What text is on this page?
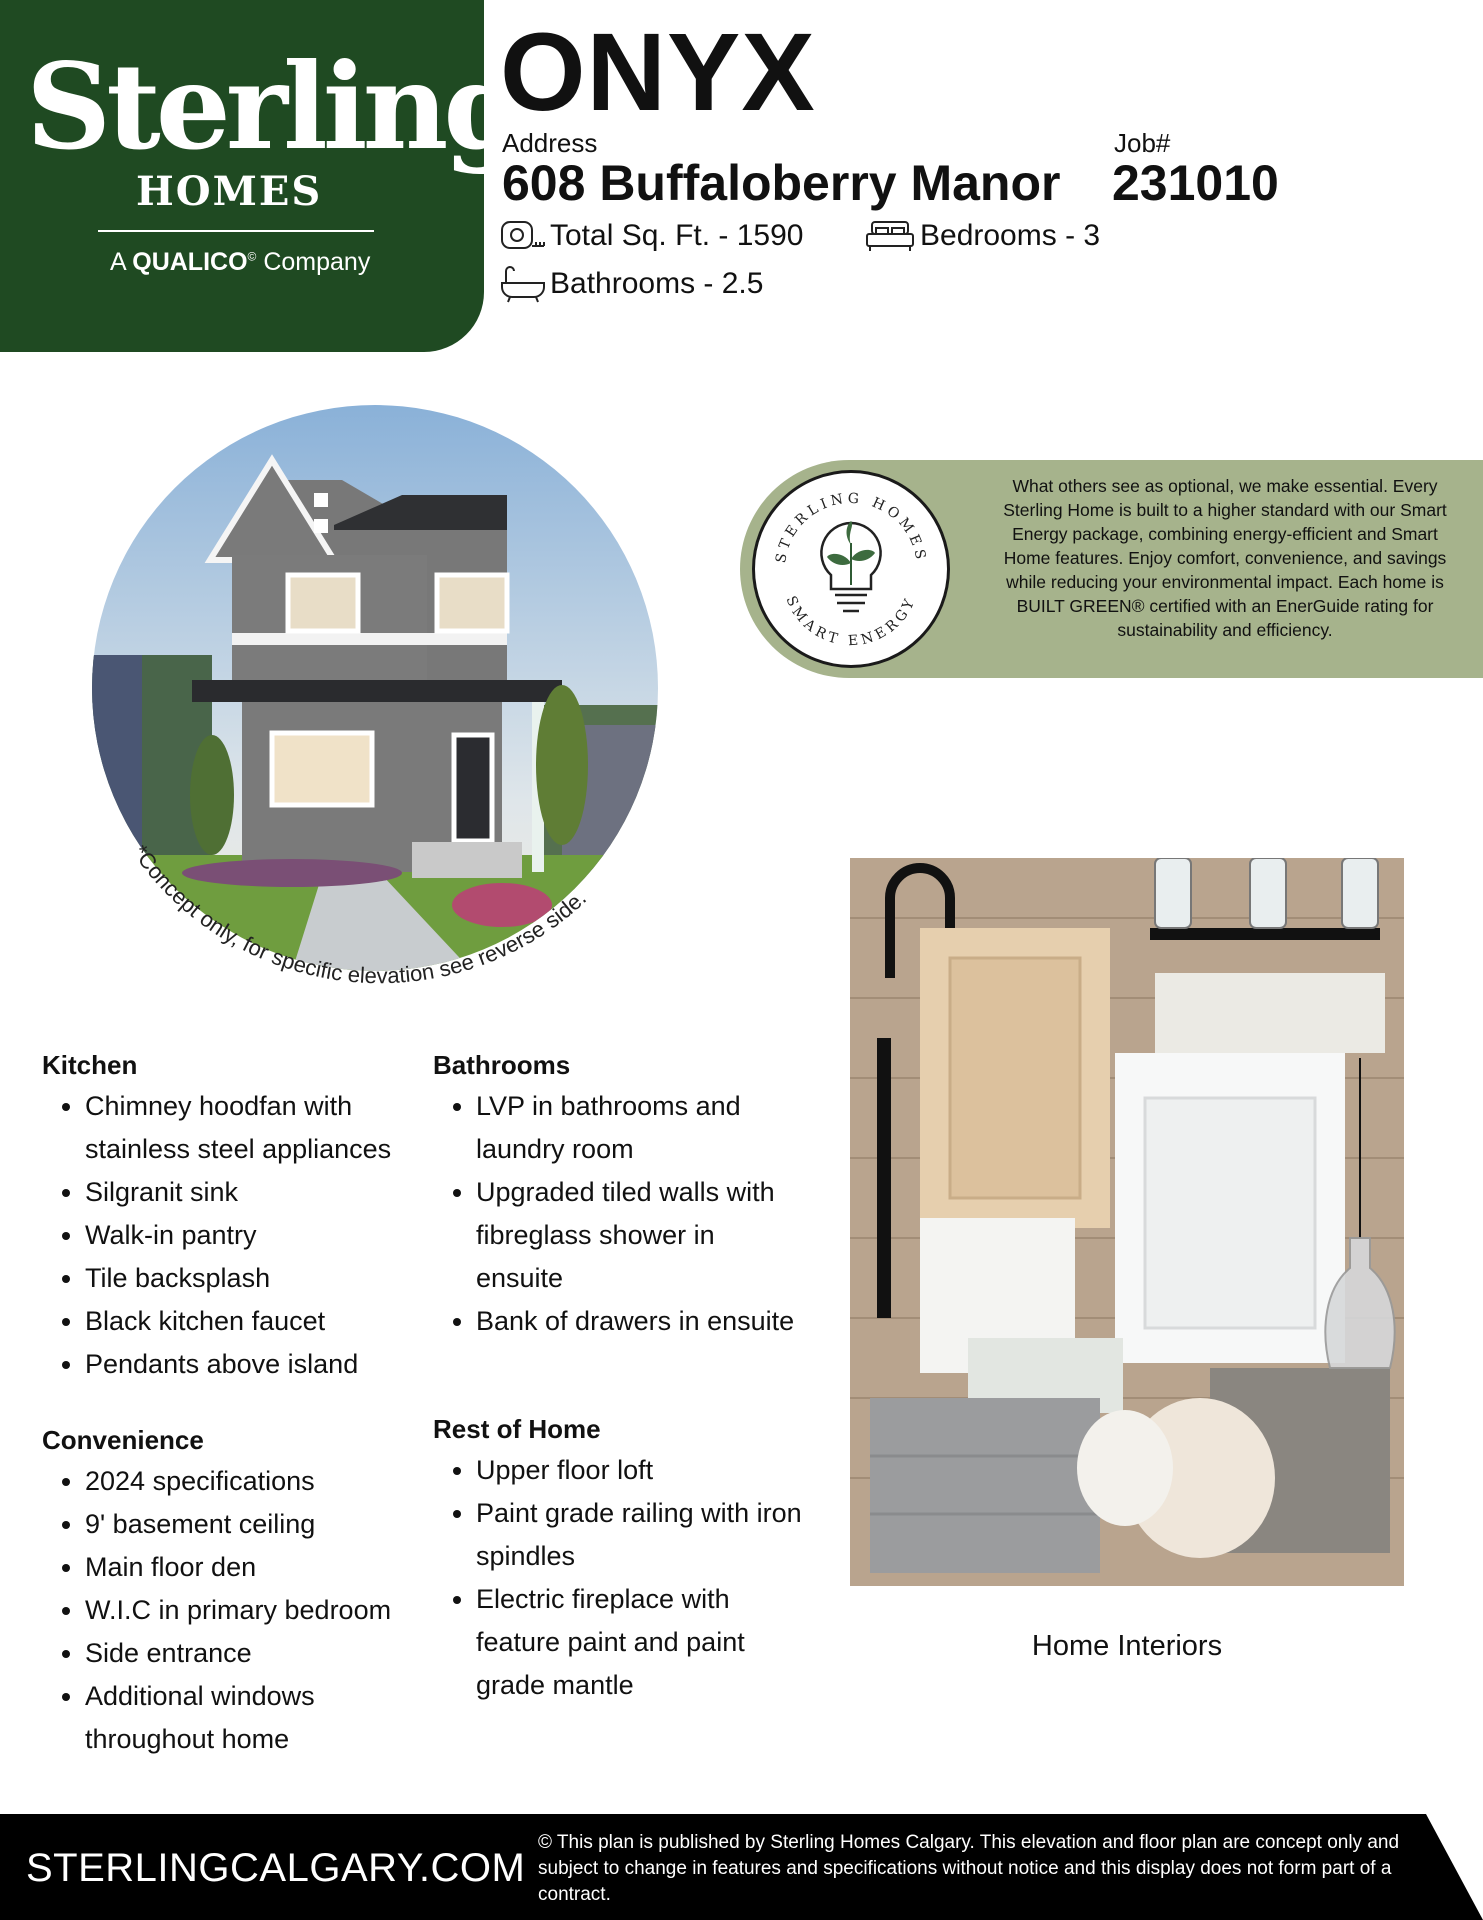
Sterling
HOMES
A QUALICO© Company
ONYX
Address
608 Buffaloberry Manor
Job#
231010
Total Sq. Ft. - 1590	Bedrooms - 3
Bathrooms - 2.5
*Concept only, for specific elevation see reverse side.
STERLING HOMES
SMART ENERGY
What others see as optional, we make essential. Every Sterling Home is built to a higher standard with our Smart Energy package, combining energy-efficient and Smart Home features. Enjoy comfort, convenience, and savings while reducing your environmental impact. Each home is BUILT GREEN® certified with an EnerGuide rating for sustainability and efficiency.
Kitchen
• Chimney hoodfan with stainless steel appliances
• Silgranit sink
• Walk-in pantry
• Tile backsplash
• Black kitchen faucet
• Pendants above island
Convenience
• 2024 specifications
• 9' basement ceiling
• Main floor den
• W.I.C in primary bedroom
• Side entrance
• Additional windows throughout home
Bathrooms
• LVP in bathrooms and laundry room
• Upgraded tiled walls with fibreglass shower in ensuite
• Bank of drawers in ensuite
Rest of Home
• Upper floor loft
• Paint grade railing with iron spindles
• Electric fireplace with feature paint and paint grade mantle
Home Interiors
STERLINGCALGARY.COM
© This plan is published by Sterling Homes Calgary. This elevation and floor plan are concept only and subject to change in features and specifications without notice and this display does not form part of a contract.
